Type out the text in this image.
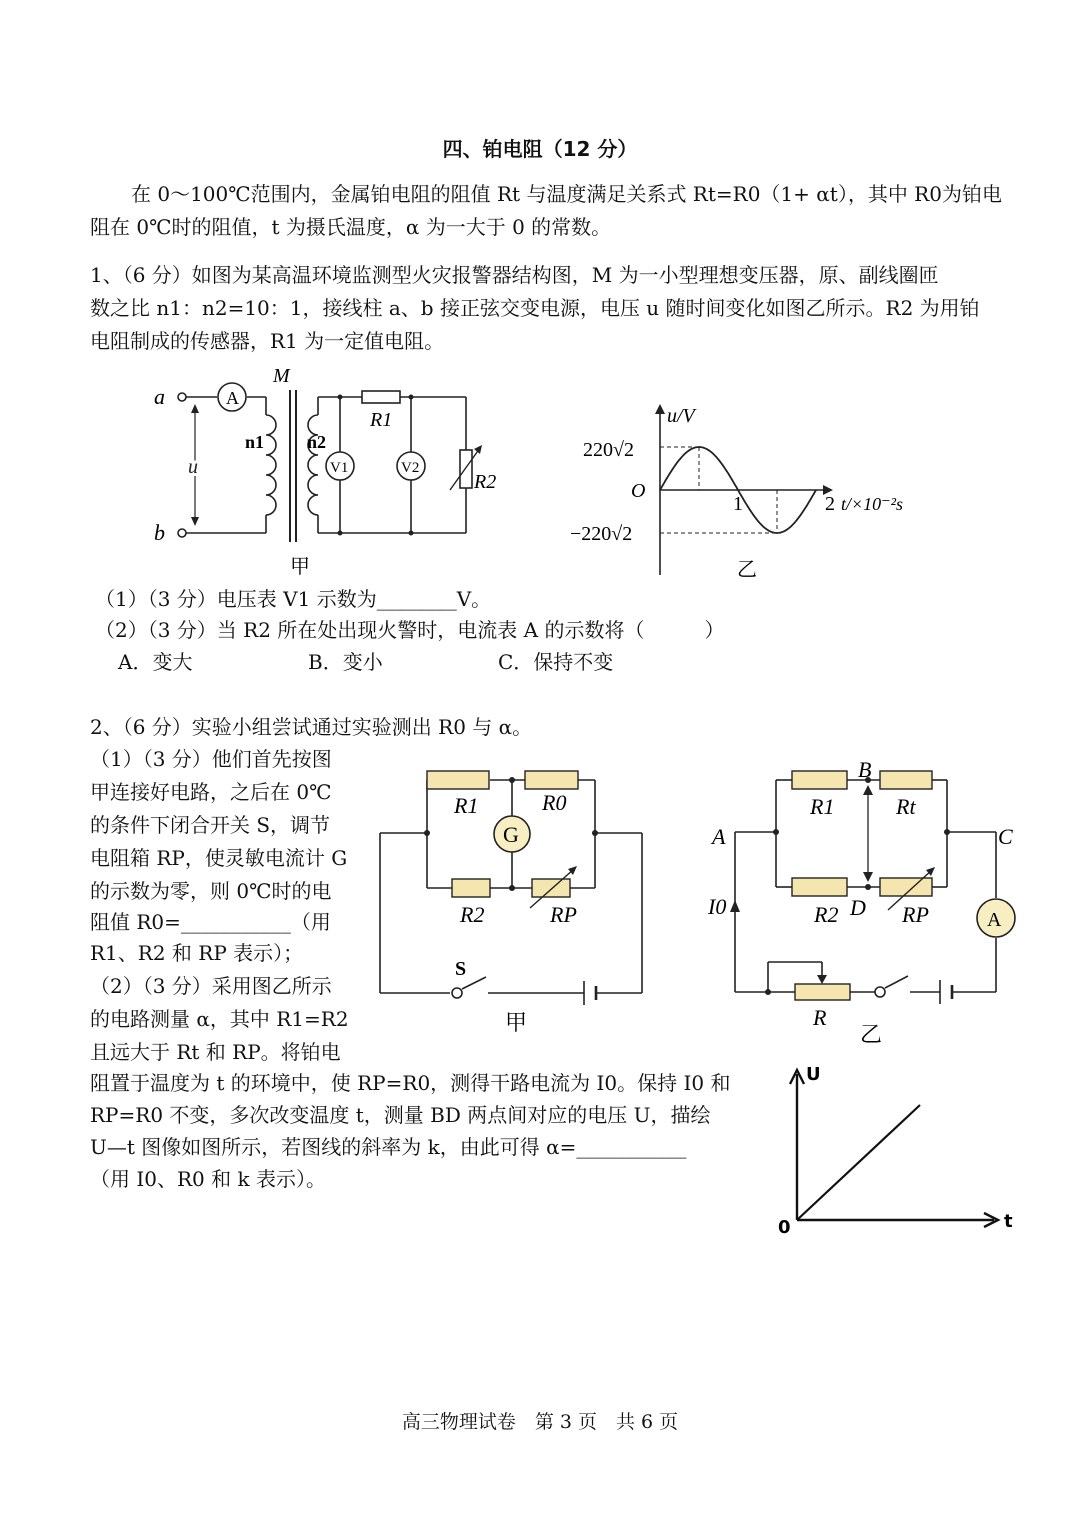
四、铂电阻（12 分）
在 0～100℃范围内，金属铂电阻的阻值 Rt 与温度满足关系式 Rt=R0（1+ αt），其中 R0为铂电
阻在 0℃时的阻值，t 为摄氏温度，α 为一大于 0 的常数。
1、（6 分）如图为某高温环境监测型火灾报警器结构图，M 为一小型理想变压器，原、副线圈匝
数之比 n1：n2=10：1，接线柱 a、b 接正弦交变电源，电压 u 随时间变化如图乙所示。R2 为用铂
电阻制成的传感器，R1 为一定值电阻。
a
b
u
M
n1 n2
A
V1	V2
R1
R2
甲
u/V
220√2
−220√2
O
1	2 t/×10⁻²s
乙
（1）（3 分）电压表 V1 示数为________V。
（2）（3 分）当 R2 所在处出现火警时，电流表 A 的示数将（　　　）
A．变大	B．变小	C．保持不变
2、（6 分）实验小组尝试通过实验测出 R0 与 α。
（1）（3 分）他们首先按图
甲连接好电路，之后在 0℃
的条件下闭合开关 S，调节
电阻箱 RP，使灵敏电流计 G
的示数为零，则 0℃时的电
阻值 R0=___________（用
R1、R2 和 RP 表示）；
（2）（3 分）采用图乙所示
的电路测量 α，其中 R1=R2
且远大于 Rt 和 RP。将铂电
阻置于温度为 t 的环境中，使 RP=R0，测得干路电流为 I0。保持 I0 和
RP=R0 不变，多次改变温度 t，测量 BD 两点间对应的电压 U，描绘
U—t 图像如图所示，若图线的斜率为 k，由此可得 α=___________
（用 I0、R0 和 k 表示）。
R1	R0
G
R2	RP
S
甲
B
A	C
D
R1	Rt
R2	RP
I0
A
R
乙
U
t
0
高三物理试卷　第 3 页　共 6 页
